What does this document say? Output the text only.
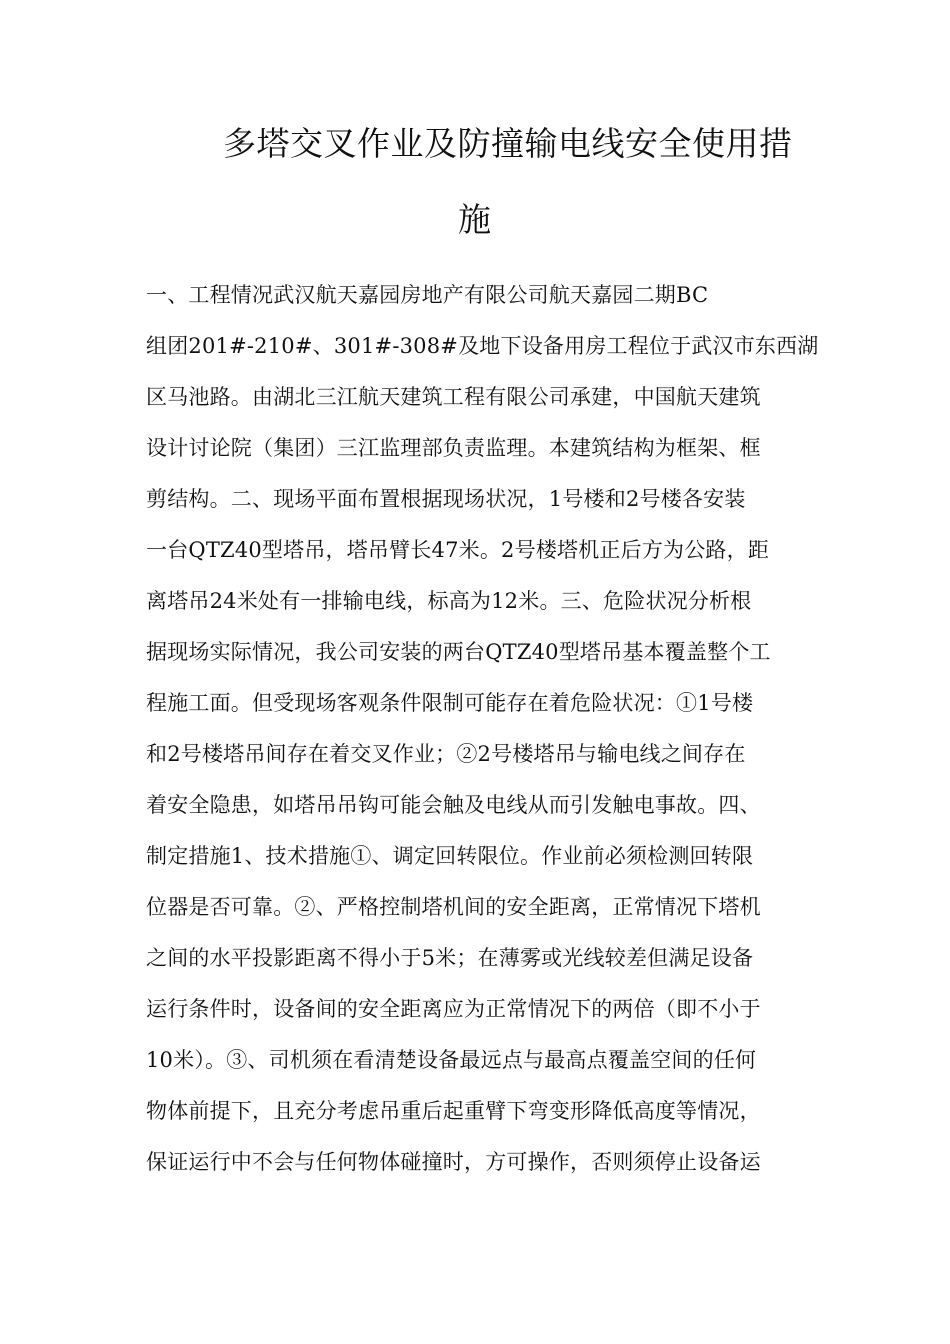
多塔交叉作业及防撞输电线安全使用措
施
一、工程情况武汉航天嘉园房地产有限公司航天嘉园二期BC
组团201#-210#、301#-308#及地下设备用房工程位于武汉市东西湖
区马池路。由湖北三江航天建筑工程有限公司承建，中国航天建筑
设计讨论院（集团）三江监理部负责监理。本建筑结构为框架、框
剪结构。二、现场平面布置根据现场状况，1号楼和2号楼各安装
一台QTZ40型塔吊，塔吊臂长47米。2号楼塔机正后方为公路，距
离塔吊24米处有一排输电线，标高为12米。三、危险状况分析根
据现场实际情况，我公司安装的两台QTZ40型塔吊基本覆盖整个工
程施工面。但受现场客观条件限制可能存在着危险状况：①1号楼
和2号楼塔吊间存在着交叉作业；②2号楼塔吊与输电线之间存在
着安全隐患，如塔吊吊钩可能会触及电线从而引发触电事故。四、
制定措施1、技术措施①、调定回转限位。作业前必须检测回转限
位器是否可靠。②、严格控制塔机间的安全距离，正常情况下塔机
之间的水平投影距离不得小于5米；在薄雾或光线较差但满足设备
运行条件时，设备间的安全距离应为正常情况下的两倍（即不小于
10米）。③、司机须在看清楚设备最远点与最高点覆盖空间的任何
物体前提下，且充分考虑吊重后起重臂下弯变形降低高度等情况，
保证运行中不会与任何物体碰撞时，方可操作，否则须停止设备运
